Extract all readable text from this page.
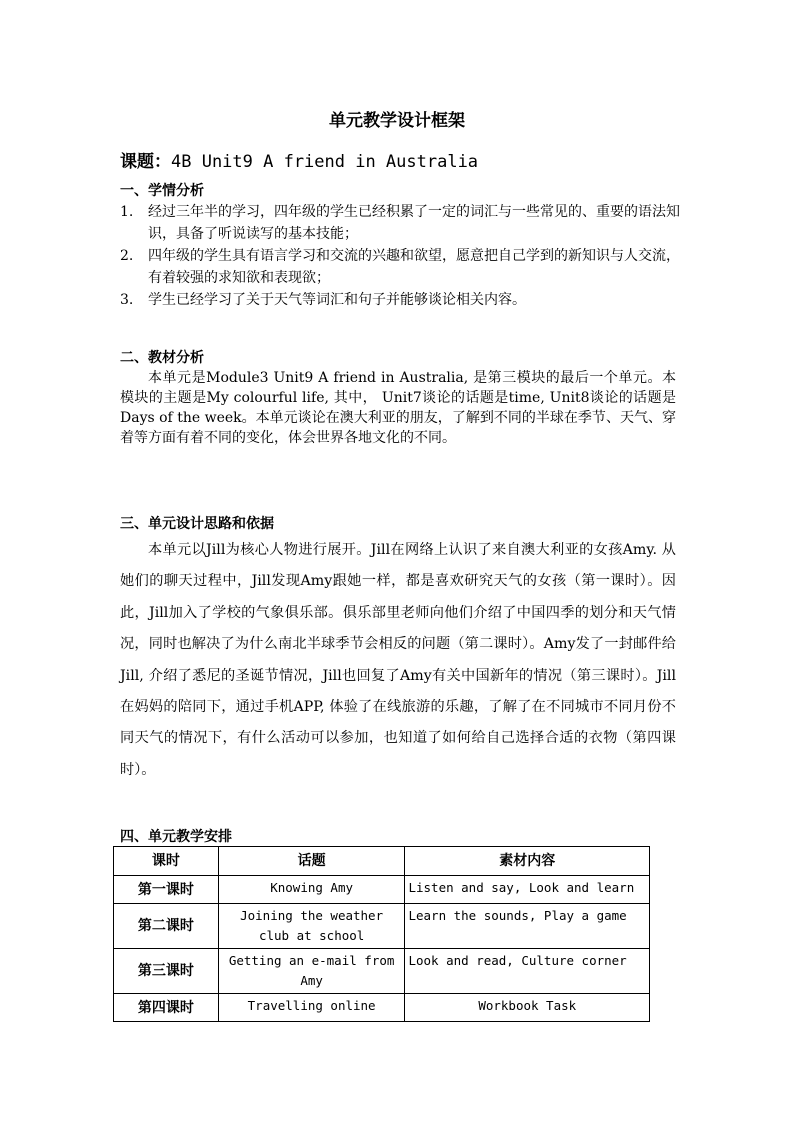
单元教学设计框架
课题：4B Unit9 A friend in Australia
一、学情分析
1.	经过三年半的学习，四年级的学生已经积累了一定的词汇与一些常见的、重要的语法知识，具备了听说读写的基本技能；
2.	四年级的学生具有语言学习和交流的兴趣和欲望，愿意把自己学到的新知识与人交流，有着较强的求知欲和表现欲；
3.	学生已经学习了关于天气等词汇和句子并能够谈论相关内容。
二、教材分析
本单元是Module3 Unit9 A friend in Australia, 是第三模块的最后一个单元。本模块的主题是My colourful life, 其中， Unit7谈论的话题是time, Unit8谈论的话题是Days of the week。本单元谈论在澳大利亚的朋友，了解到不同的半球在季节、天气、穿着等方面有着不同的变化，体会世界各地文化的不同。
三、单元设计思路和依据
本单元以Jill为核心人物进行展开。Jill在网络上认识了来自澳大利亚的女孩Amy. 从她们的聊天过程中，Jill发现Amy跟她一样，都是喜欢研究天气的女孩（第一课时）。因此，Jill加入了学校的气象俱乐部。俱乐部里老师向他们介绍了中国四季的划分和天气情况，同时也解决了为什么南北半球季节会相反的问题（第二课时）。Amy发了一封邮件给Jill, 介绍了悉尼的圣诞节情况，Jill也回复了Amy有关中国新年的情况（第三课时）。Jill在妈妈的陪同下，通过手机APP, 体验了在线旅游的乐趣，了解了在不同城市不同月份不同天气的情况下，有什么活动可以参加，也知道了如何给自己选择合适的衣物（第四课时）。
四、单元教学安排
课时	话题	素材内容
第一课时	Knowing Amy	Listen and say, Look and learn
第二课时	Joining the weather club at school	Learn the sounds, Play a game
第三课时	Getting an e-mail from Amy	Look and read, Culture corner
第四课时	Travelling online	Workbook Task
